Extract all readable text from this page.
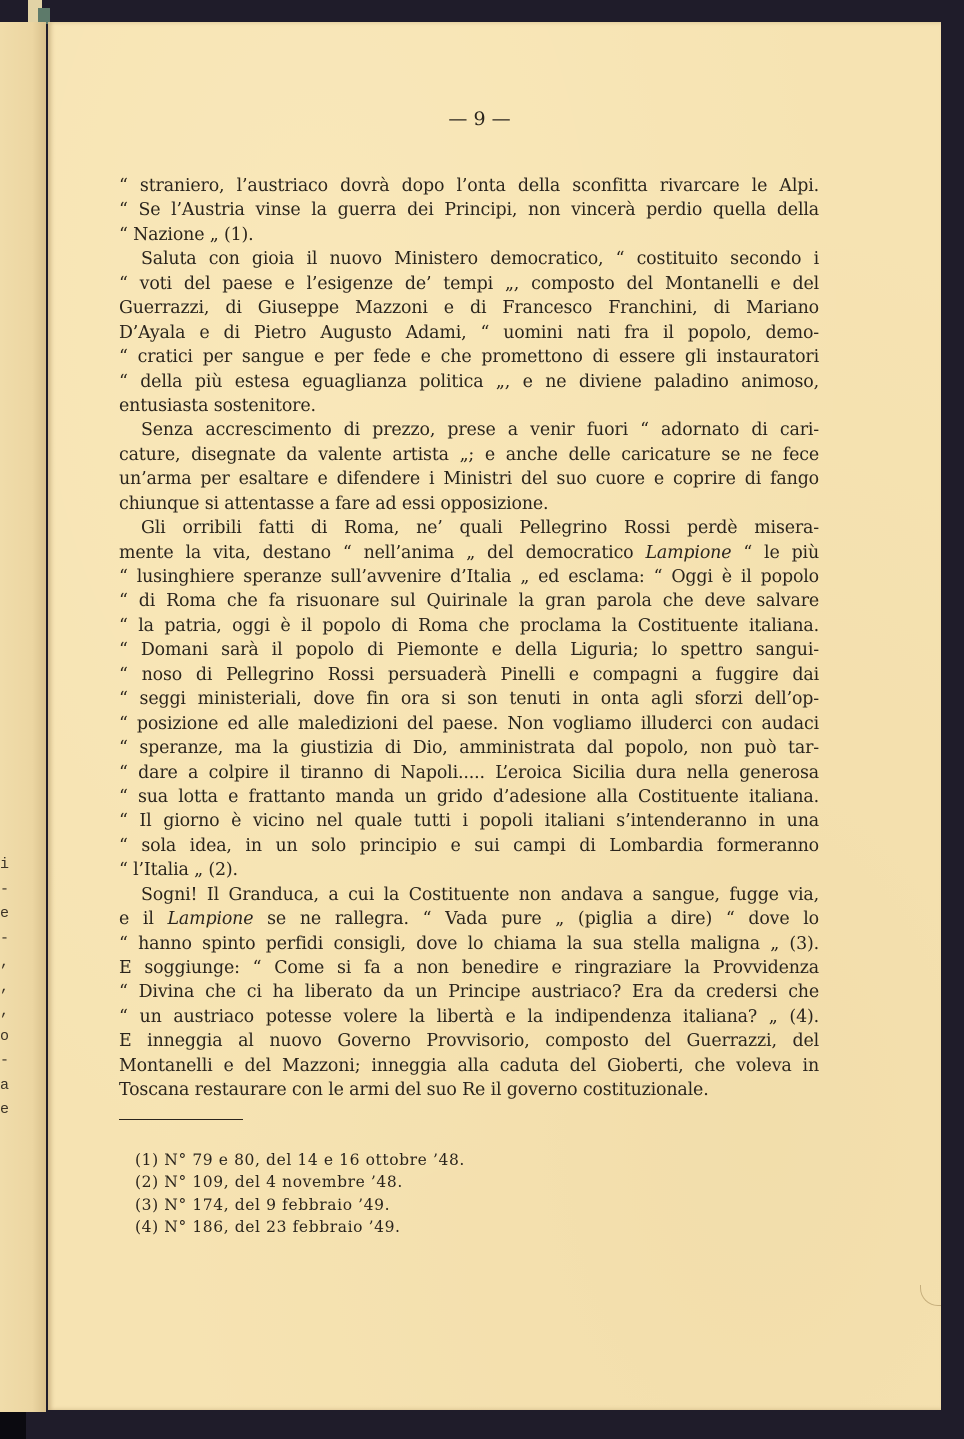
i
-
e
-
,
,
,
o
-
a
e
— 9 —
“ straniero, l’austriaco dovrà dopo l’onta della sconfitta rivarcare le Alpi.
“ Se l’Austria vinse la guerra dei Principi, non vincerà perdio quella della
“ Nazione „ (1).
Saluta con gioia il nuovo Ministero democratico, “ costituito secondo i
“ voti del paese e l’esigenze de’ tempi „, composto del Montanelli e del
Guerrazzi, di Giuseppe Mazzoni e di Francesco Franchini, di Mariano
D’Ayala e di Pietro Augusto Adami, “ uomini nati fra il popolo, demo-
“ cratici per sangue e per fede e che promettono di essere gli instauratori
“ della più estesa eguaglianza politica „, e ne diviene paladino animoso,
entusiasta sostenitore.
Senza accrescimento di prezzo, prese a venir fuori “ adornato di cari-
cature, disegnate da valente artista „; e anche delle caricature se ne fece
un’arma per esaltare e difendere i Ministri del suo cuore e coprire di fango
chiunque si attentasse a fare ad essi opposizione.
Gli orribili fatti di Roma, ne’ quali Pellegrino Rossi perdè misera-
mente la vita, destano “ nell’anima „ del democratico Lampione “ le più
“ lusinghiere speranze sull’avvenire d’Italia „ ed esclama: “ Oggi è il popolo
“ di Roma che fa risuonare sul Quirinale la gran parola che deve salvare
“ la patria, oggi è il popolo di Roma che proclama la Costituente italiana.
“ Domani sarà il popolo di Piemonte e della Liguria; lo spettro sangui-
“ noso di Pellegrino Rossi persuaderà Pinelli e compagni a fuggire dai
“ seggi ministeriali, dove fin ora si son tenuti in onta agli sforzi dell’op-
“ posizione ed alle maledizioni del paese. Non vogliamo illuderci con audaci
“ speranze, ma la giustizia di Dio, amministrata dal popolo, non può tar-
“ dare a colpire il tiranno di Napoli..... L’eroica Sicilia dura nella generosa
“ sua lotta e frattanto manda un grido d’adesione alla Costituente italiana.
“ Il giorno è vicino nel quale tutti i popoli italiani s’intenderanno in una
“ sola idea, in un solo principio e sui campi di Lombardia formeranno
“ l’Italia „ (2).
Sogni! Il Granduca, a cui la Costituente non andava a sangue, fugge via,
e il Lampione se ne rallegra. “ Vada pure „ (piglia a dire) “ dove lo
“ hanno spinto perfidi consigli, dove lo chiama la sua stella maligna „ (3).
E soggiunge: “ Come si fa a non benedire e ringraziare la Provvidenza
“ Divina che ci ha liberato da un Principe austriaco? Era da credersi che
“ un austriaco potesse volere la libertà e la indipendenza italiana? „ (4).
E inneggia al nuovo Governo Provvisorio, composto del Guerrazzi, del
Montanelli e del Mazzoni; inneggia alla caduta del Gioberti, che voleva in
Toscana restaurare con le armi del suo Re il governo costituzionale.
(1) N° 79 e 80, del 14 e 16 ottobre ’48.
(2) N° 109, del 4 novembre ’48.
(3) N° 174, del 9 febbraio ’49.
(4) N° 186, del 23 febbraio ’49.
